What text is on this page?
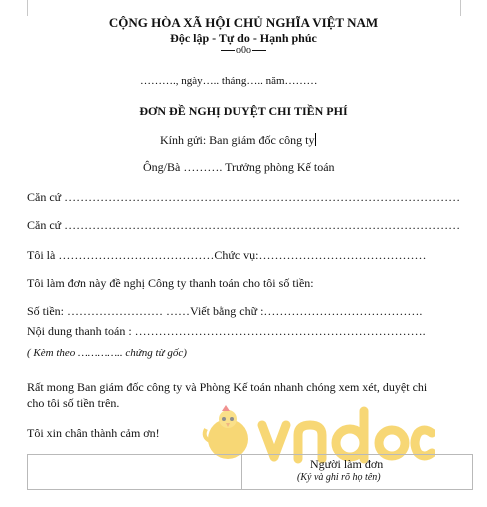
CỘNG HÒA XÃ HỘI CHỦ NGHĨA VIỆT NAM
Độc lập - Tự do - Hạnh phúc
o0o
………., ngày….. tháng….. năm………
ĐƠN ĐỀ NGHỊ DUYỆT CHI TIỀN PHÍ
Kính gửi: Ban giám đốc công ty
Ông/Bà ………. Trưởng phòng Kế toán
Căn cứ ………………………………………………………………………………………
Căn cứ ………………………………………………………………………………………
Tôi là …………………………………Chức vụ:……………………………………
Tôi làm đơn này đề nghị Công ty thanh toán cho tôi số tiền:
Số tiền: …………………… ……Viết bằng chữ :………………………………….
Nội dung thanh toán : ……………………………………………………………….
( Kèm theo ………….. chứng từ gốc)
Rất mong Ban giám đốc công ty và Phòng Kế toán nhanh chóng xem xét, duyệt chi
cho tôi số tiền trên.
Tôi xin chân thành cảm ơn!
Người làm đơn
(Ký và ghi rõ họ tên)
